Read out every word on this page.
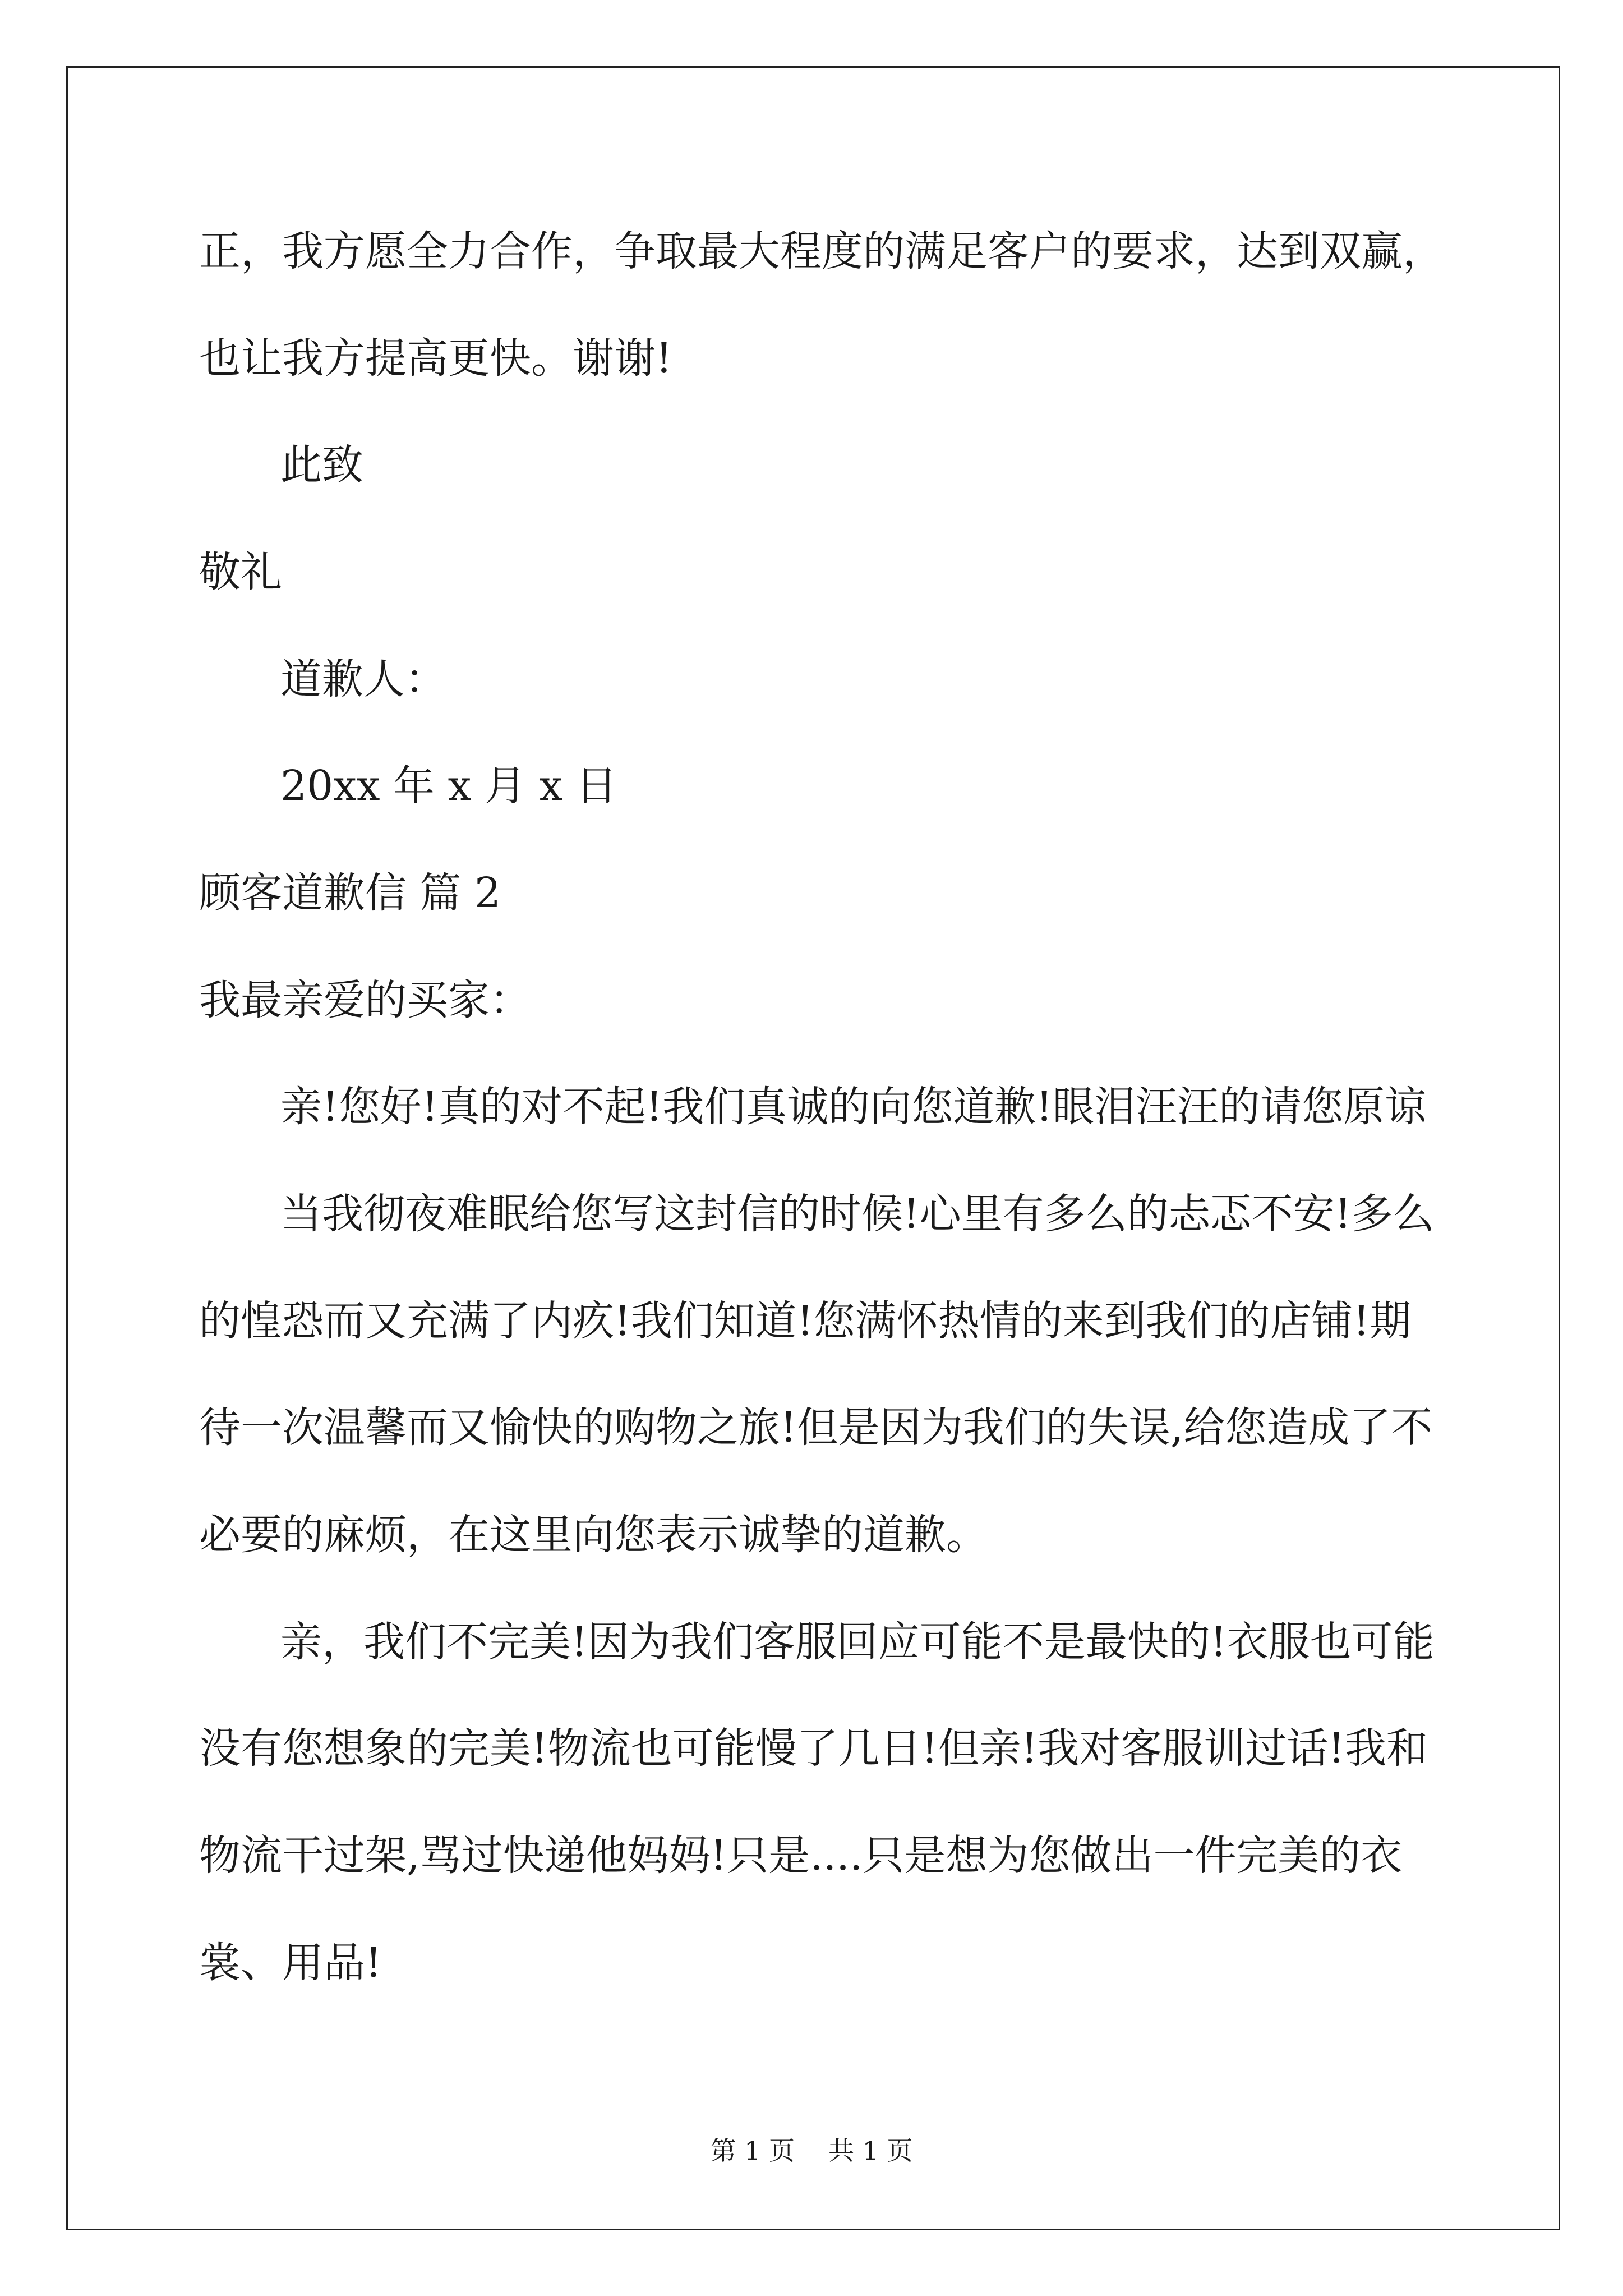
正，我方愿全力合作，争取最大程度的满足客户的要求，达到双赢，

也让我方提高更快。谢谢!

此致

敬礼

道歉人：

20xx 年 x 月 x 日

顾客道歉信 篇 2

我最亲爱的买家：

亲!您好!真的对不起!我们真诚的向您道歉!眼泪汪汪的请您原谅

当我彻夜难眠给您写这封信的时候!心里有多么的忐忑不安!多么

的惶恐而又充满了内疚!我们知道!您满怀热情的来到我们的店铺!期

待一次温馨而又愉快的购物之旅!但是因为我们的失误,给您造成了不

必要的麻烦，在这里向您表示诚挚的道歉。

亲，我们不完美!因为我们客服回应可能不是最快的!衣服也可能

没有您想象的完美!物流也可能慢了几日!但亲!我对客服训过话!我和

物流干过架,骂过快递他妈妈!只是....只是想为您做出一件完美的衣

裳、用品!

第 1 页 共 1 页
